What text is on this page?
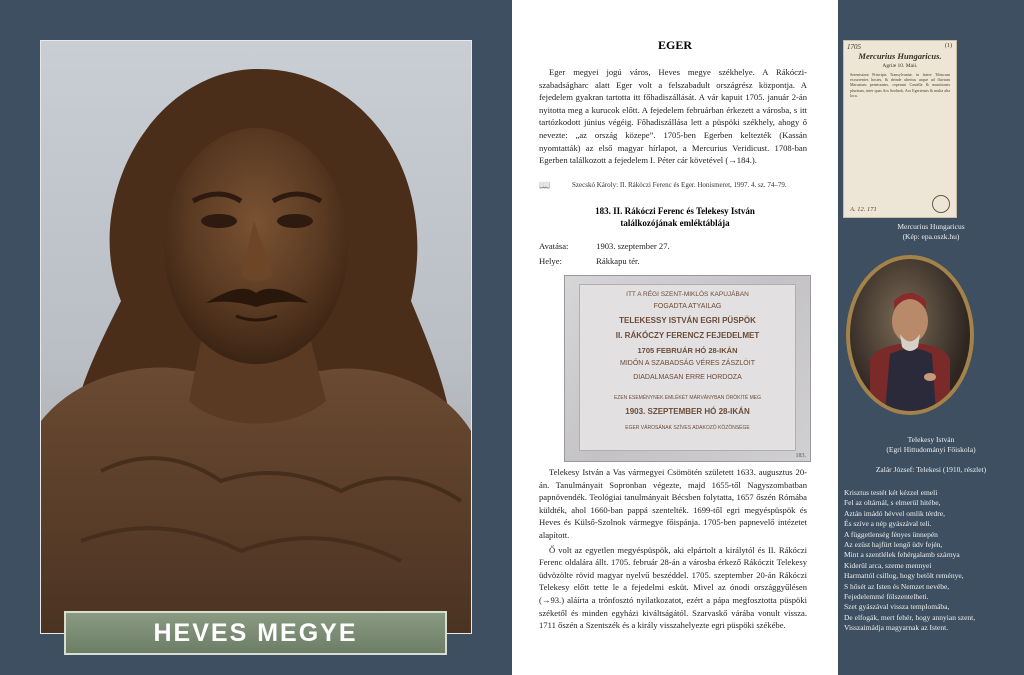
HEVES MEGYE
EGER

Eger megyei jogú város, Heves megye székhelye. A Rákóczi-szabadságharc alatt Eger volt a felszabadult országrész központja. A fejedelem gyakran tartotta itt főhadiszállását. A vár kapuit 1705. január 2-án nyitotta meg a kurucok előtt. A fejedelem februárban érkezett a városba, s itt tartózkodott június végéig. Főhadiszállása lett a püspöki székhely, ahogy ő nevezte: „az ország közepe”. 1705-ben Egerben keltezték (Kassán nyomtatták) az első magyar hírlapot, a Mercurius Veridicust. 1708-ban Egerben találkozott a fejedelem I. Péter cár követével (→184.).

📖	Szecskó Károly: II. Rákóczi Ferenc és Eger. Honismeret, 1997. 4. sz. 74–79.
183. II. Rákóczi Ferenc és Telekesy István
találkozójának emléktáblája
Avatása:	1903. szeptember 27.
Helye:	Rákkapu tér.
ITT A RÉGI SZENT-MIKLÓS KAPUJÁBAN
FOGADTA ATYAILAG
TELEKESSY ISTVÁN EGRI PÜSPÖK
II. RÁKÓCZY FERENCZ FEJEDELMET
1705 FEBRUÁR HÓ 28-IKÁN
MIDŐN A SZABADSÁG VÉRES ZÁSZLÓIT
DIADALMASAN ERRE HORDOZA
EZEN ESEMÉNYNEK EMLÉKÉT MÁRVÁNYBAN ÖRÖKÍTÉ MEG
1903. SZEPTEMBER HÓ 28-IKÁN
EGER VÁROSÁNAK SZÍVES ADAKOZÓ KÖZÖNSÉGE
183.

Telekesy István a Vas vármegyei Csömötén született 1633. augusztus 20-án. Tanulmányait Sopronban végezte, majd 1655-től Nagyszombatban papnövendék. Teológiai tanulmányait Bécsben folytatta, 1657 őszén Rómába küldték, ahol 1660-ban pappá szentelték. 1699-től egri megyéspüspök és Heves és Külső-Szolnok vármegye főispánja. 1705-ben papnevelő intézetet alapított.

Ő volt az egyetlen megyéspüspök, aki elpártolt a királytól és II. Rákóczi Ferenc oldalára állt. 1705. február 28-án a városba érkező Rákóczit Telekesy üdvözölte rövid magyar nyelvű beszéddel. 1705. szeptember 20-án Rákóczi Telekesy előtt tette le a fejedelmi esküt. Mivel az ónodi országgyűlésen (→93.) aláírta a trónfosztó nyilatkozatot, ezért a pápa megfosztotta püspöki széketől és minden egyházi kiváltságától. Szarvaskő várába vonult vissza. 1711 őszén a Szentszék és a király visszahelyezte egri püspöki székébe.

1705	(1)
Mercurius Hungaricus.
Agriæ 10. Maii.
Serenissimi Principis Transylvaniæ, in latere Tibiscum excurrentes hostes, & deinde ulterius usque ad fluvium Marusium penetrantes, ceperunt Castella & munitiones plurimas, inter quas Arx Szolnok, Arx Egeriensis & multa alia loca.
A. 12. 171
Mercurius Hungaricus
(Kép: epa.oszk.hu)
Telekesy István
(Egri Hittudományi Főiskola)
Zalár József: Telekesi (1910, részlet)
Krisztus testét két kézzel emeli
Fel az oltárnál, s elmerül hitébe,
Aztán imádó hévvel omlik térdre,
És szíve a nép gyászával teli.
A függetlenség fényes ünnepén
Az ezüst hajfürt lengő üdv fején,
Mint a szentlélek fehérgalamb szárnya
Kiderül arca, szeme mennyei
Harmattól csillog, hogy betölt reménye,
S hősét az Isten és Nemzet nevébe,
Fejedelemmé fölszentelheti.
Szet gyászával vissza templomába,
De elfogák, mert fehér, hogy annyian szent,
Visszaimádja magyarnak az Istent.
